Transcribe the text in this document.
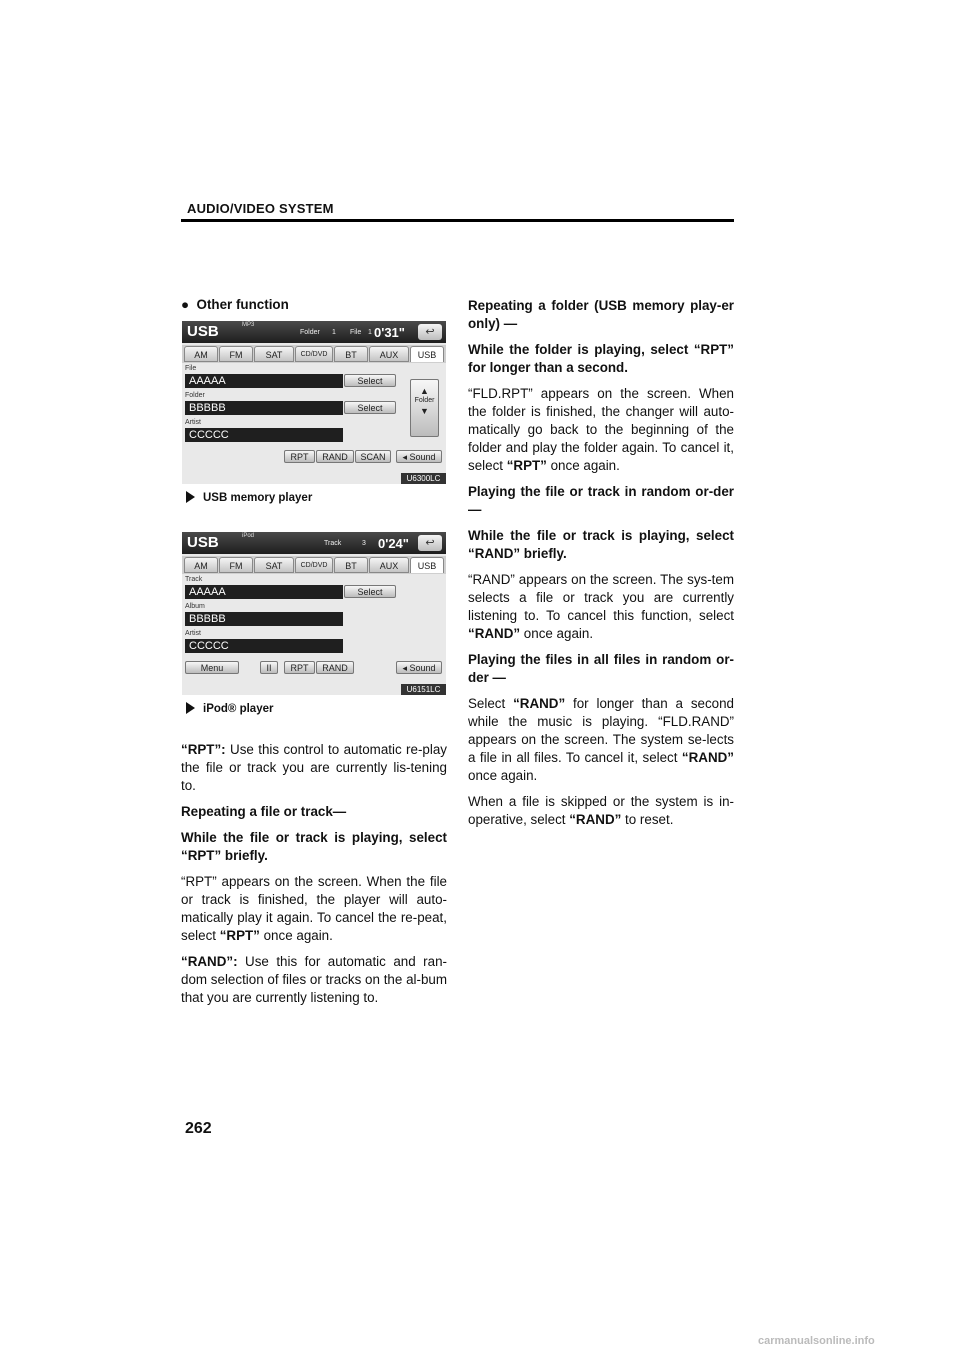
AUDIO/VIDEO SYSTEM
●  Other function
USB	MP3
Folder 1 File 1 0'31"	↩
AM	FM	SAT	CD/DVD	BT	AUX	USB
File
AAAAA	Select
Folder
BBBBB	Select
▲
Folder
▼
Artist
CCCCC
RPT	RAND	SCAN	◂ Sound
U6300LC
USB memory player
USB	iPod
Track	3 0'24"	↩
AM	FM	SAT	CD/DVD	BT	AUX	USB
Track
AAAAA	Select
Album
BBBBB
Artist
CCCCC
Menu	II	RPT	RAND	◂ Sound
U6151LC
iPod® player

“RPT”: Use this control to automatic re-play the file or track you are currently lis-tening to.

Repeating a file or track—

While the file or track is playing, select “RPT” briefly.

“RPT” appears on the screen. When the file or track is finished, the player will auto-matically play it again. To cancel the re-peat, select “RPT” once again.

“RAND”: Use this for automatic and ran-dom selection of files or tracks on the al-bum that you are currently listening to.

Repeating a folder (USB memory play-er only) —

While the folder is playing, select “RPT” for longer than a second.

“FLD.RPT” appears on the screen. When the folder is finished, the changer will auto-matically go back to the beginning of the folder and play the folder again. To cancel it, select “RPT” once again.

Playing the file or track in random or-der—

While the file or track is playing, select “RAND” briefly.

“RAND” appears on the screen. The sys-tem selects a file or track you are currently listening to. To cancel this function, select “RAND” once again.

Playing the files in all files in random or-der —

Select “RAND” for longer than a second while the music is playing. “FLD.RAND” appears on the screen. The system se-lects a file in all files. To cancel it, select “RAND” once again.

When a file is skipped or the system is in-operative, select “RAND” to reset.

262
carmanualsonline.info
